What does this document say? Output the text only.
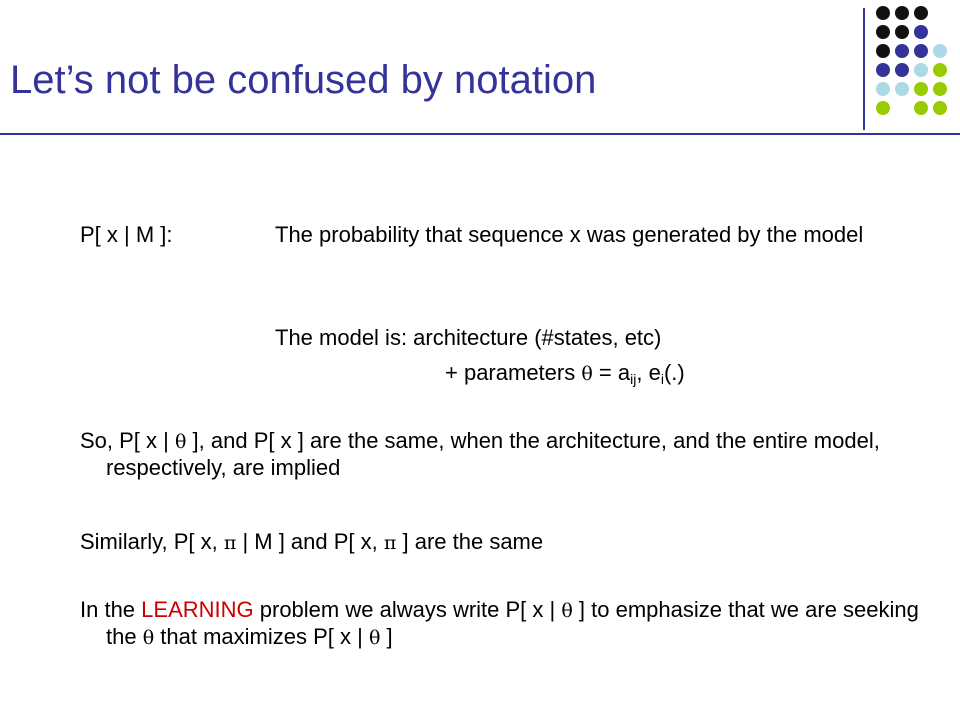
Let’s not be confused by notation
P[ x | M ]:	The probability that sequence x was generated by the model
The model is: architecture (#states, etc)
+ parameters $\theta = a_{ij}$, $e_i(.)$
So, P[ x | θ ], and P[ x ] are the same, when the architecture, and the entire model, respectively, are implied
Similarly, P[ x, π | M ] and P[ x, π ] are the same
In the LEARNING problem we always write P[ x | θ ] to emphasize that we are seeking the θ that maximizes P[ x | θ ]
